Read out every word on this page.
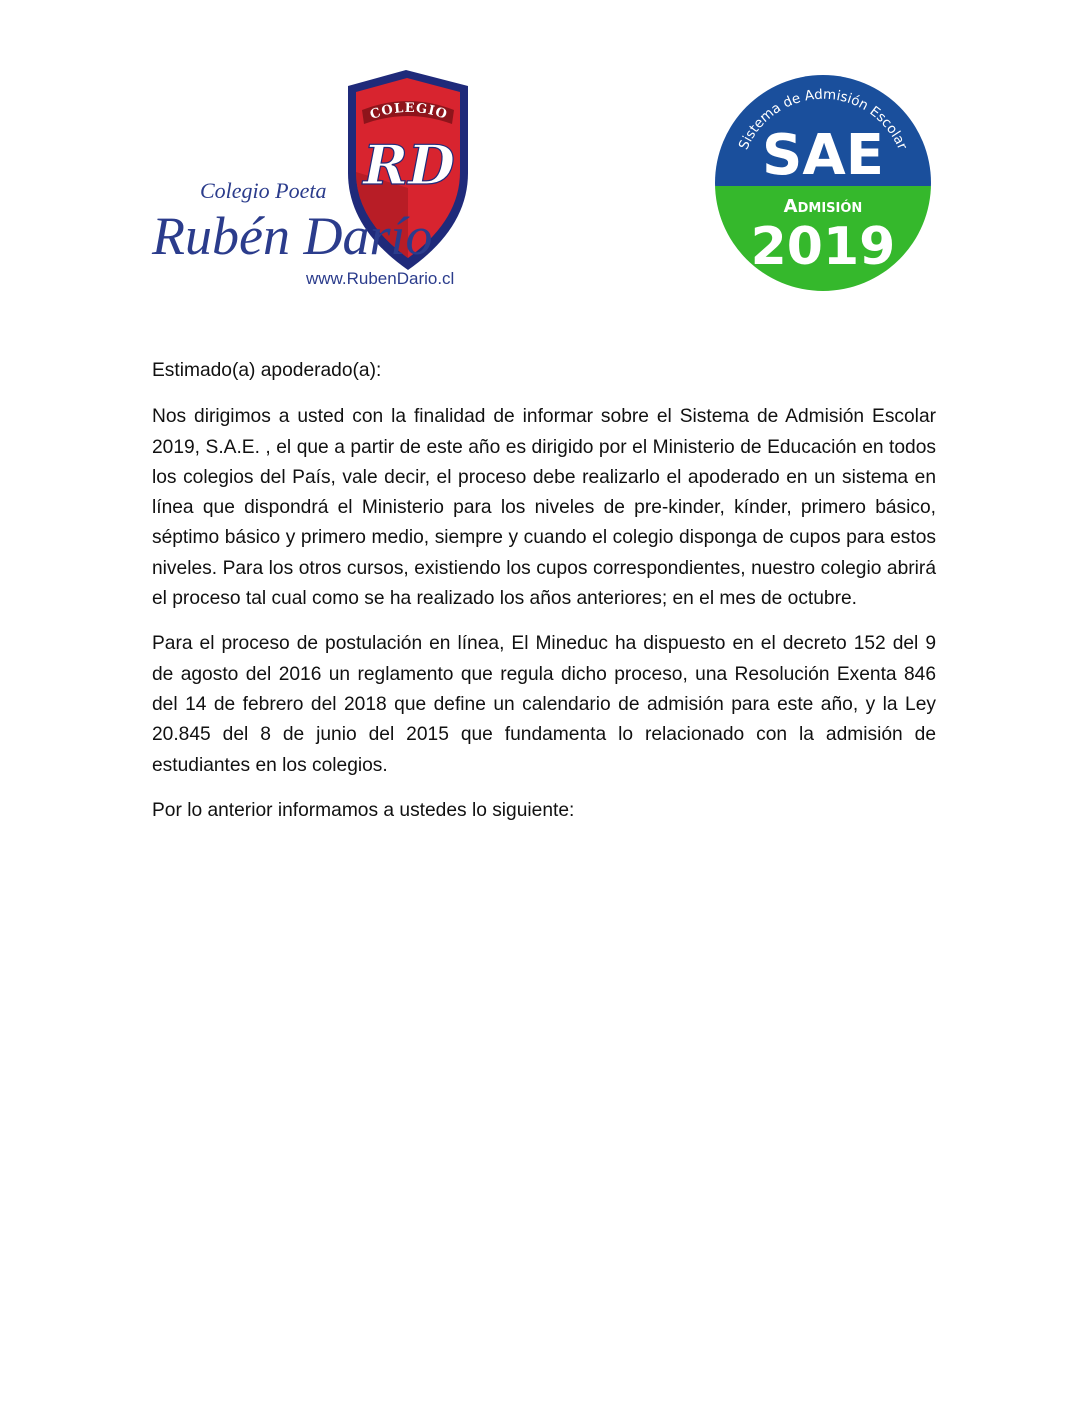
COLEGIO
RD
Colegio Poeta
Rubén Darío
www.RubenDario.cl
Sistema de Admisión Escolar
SAE
Admisión
2019

Estimado(a) apoderado(a):

Nos dirigimos a usted con la finalidad de informar sobre el Sistema de Admisión Escolar 2019, S.A.E. , el que a partir de este año es dirigido por el Ministerio de Educación en todos los colegios del País, vale decir, el proceso debe realizarlo el apoderado en un sistema en línea que dispondrá el Ministerio para los niveles de pre-kinder, kínder, primero básico, séptimo básico y primero medio, siempre y cuando el colegio disponga de cupos para estos niveles. Para los otros cursos, existiendo los cupos correspondientes, nuestro colegio abrirá el proceso tal cual como se ha realizado los años anteriores; en el mes de octubre.

Para el proceso de postulación en línea, El Mineduc ha dispuesto en el decreto 152 del 9 de agosto del 2016 un reglamento que regula dicho proceso, una Resolución Exenta 846 del 14 de febrero del 2018 que define un calendario de admisión para este año, y la Ley 20.845 del 8 de junio del 2015 que fundamenta lo relacionado con la admisión de estudiantes en los colegios.

Por lo anterior informamos a ustedes lo siguiente:
